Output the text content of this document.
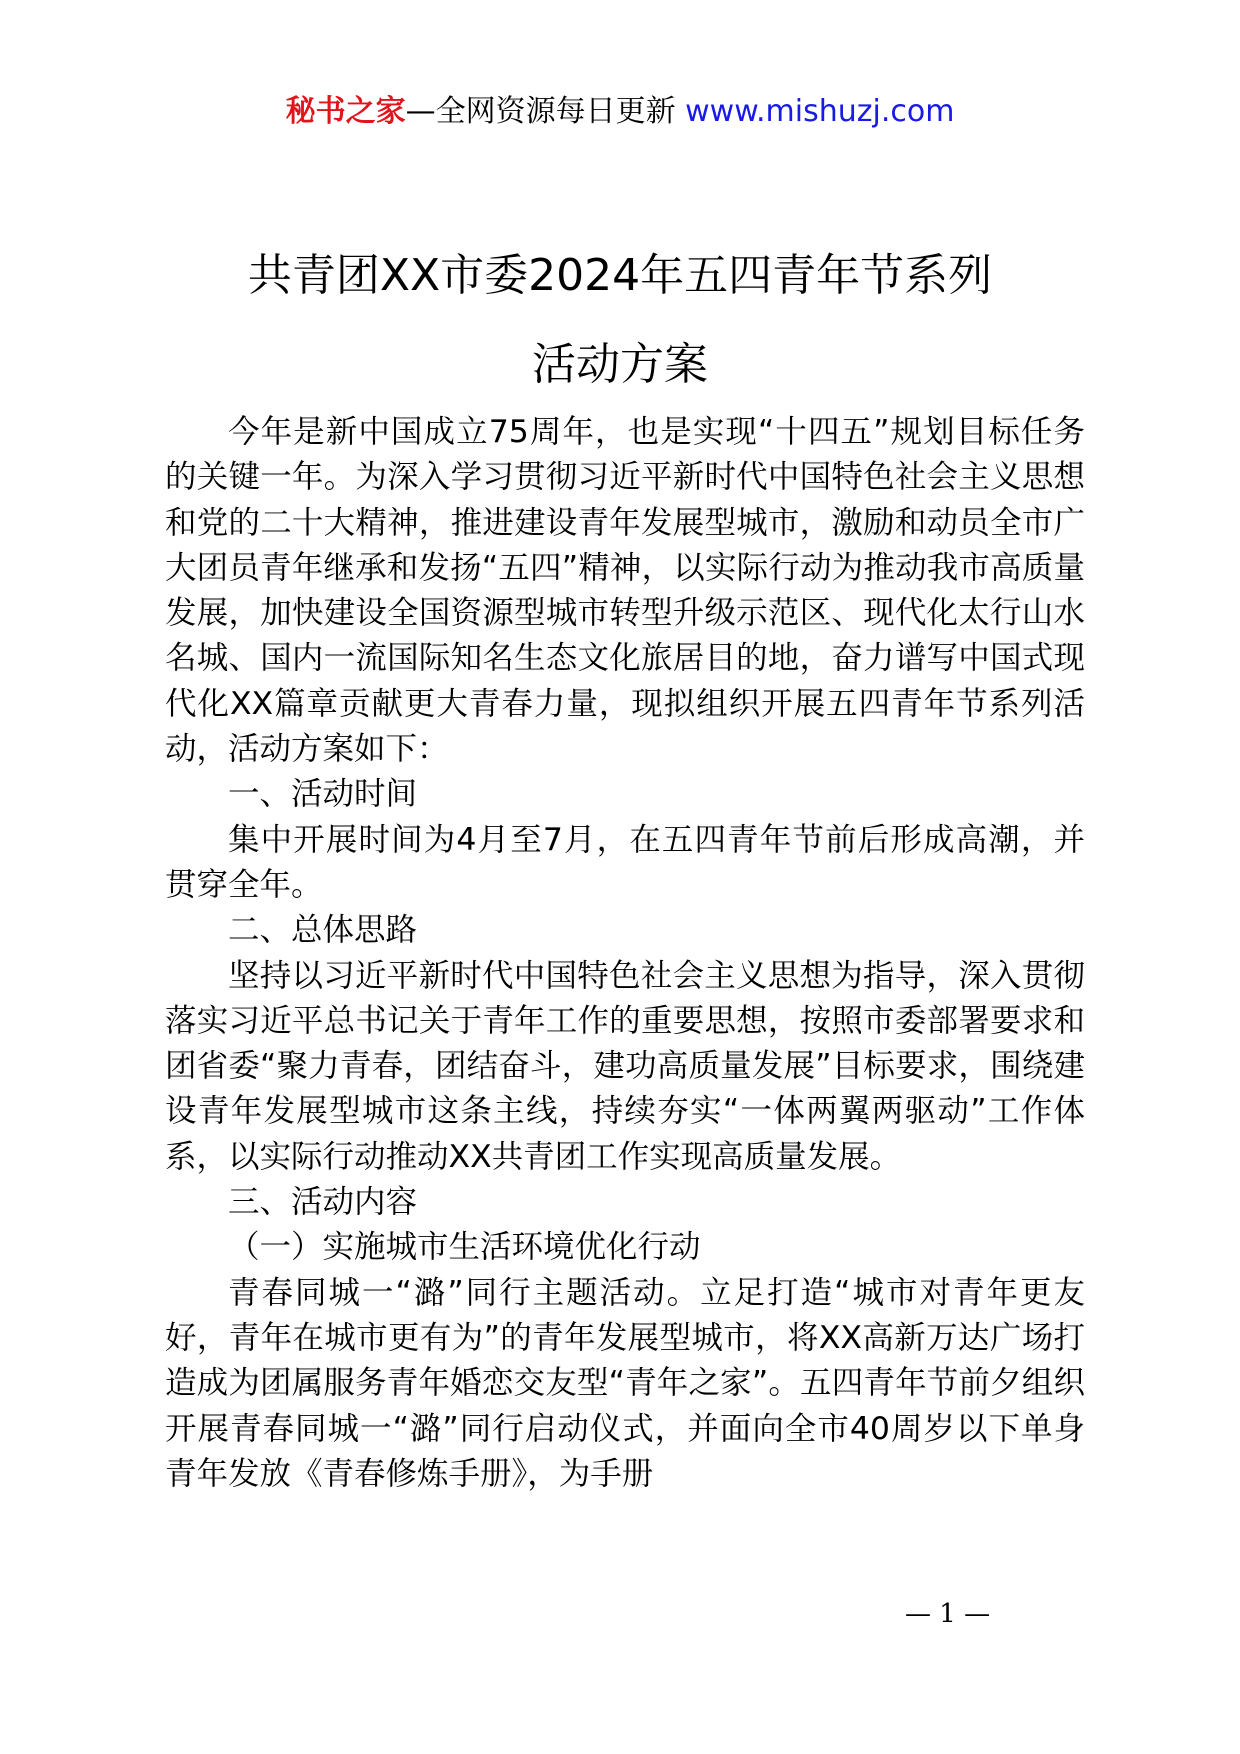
秘书之家—全网资源每日更新 www.mishuzj.com
共青团XX市委2024年五四青年节系列
活动方案

今年是新中国成立75周年，也是实现“十四五”规划目标任务的关键一年。为深入学习贯彻习近平新时代中国特色社会主义思想和党的二十大精神，推进建设青年发展型城市，激励和动员全市广大团员青年继承和发扬“五四”精神，以实际行动为推动我市高质量发展，加快建设全国资源型城市转型升级示范区、现代化太行山水名城、国内一流国际知名生态文化旅居目的地，奋力谱写中国式现代化XX篇章贡献更大青春力量，现拟组织开展五四青年节系列活动，活动方案如下：

一、活动时间

集中开展时间为4月至7月，在五四青年节前后形成高潮，并贯穿全年。

二、总体思路

坚持以习近平新时代中国特色社会主义思想为指导，深入贯彻落实习近平总书记关于青年工作的重要思想，按照市委部署要求和团省委“聚力青春，团结奋斗，建功高质量发展”目标要求，围绕建设青年发展型城市这条主线，持续夯实“一体两翼两驱动”工作体系，以实际行动推动XX共青团工作实现高质量发展。

三、活动内容

（一）实施城市生活环境优化行动

青春同城一“潞”同行主题活动。立足打造“城市对青年更友好，青年在城市更有为”的青年发展型城市，将XX高新万达广场打造成为团属服务青年婚恋交友型“青年之家”。五四青年节前夕组织开展青春同城一“潞”同行启动仪式，并面向全市40周岁以下单身青年发放《青春修炼手册》，为手册

— 1 —
